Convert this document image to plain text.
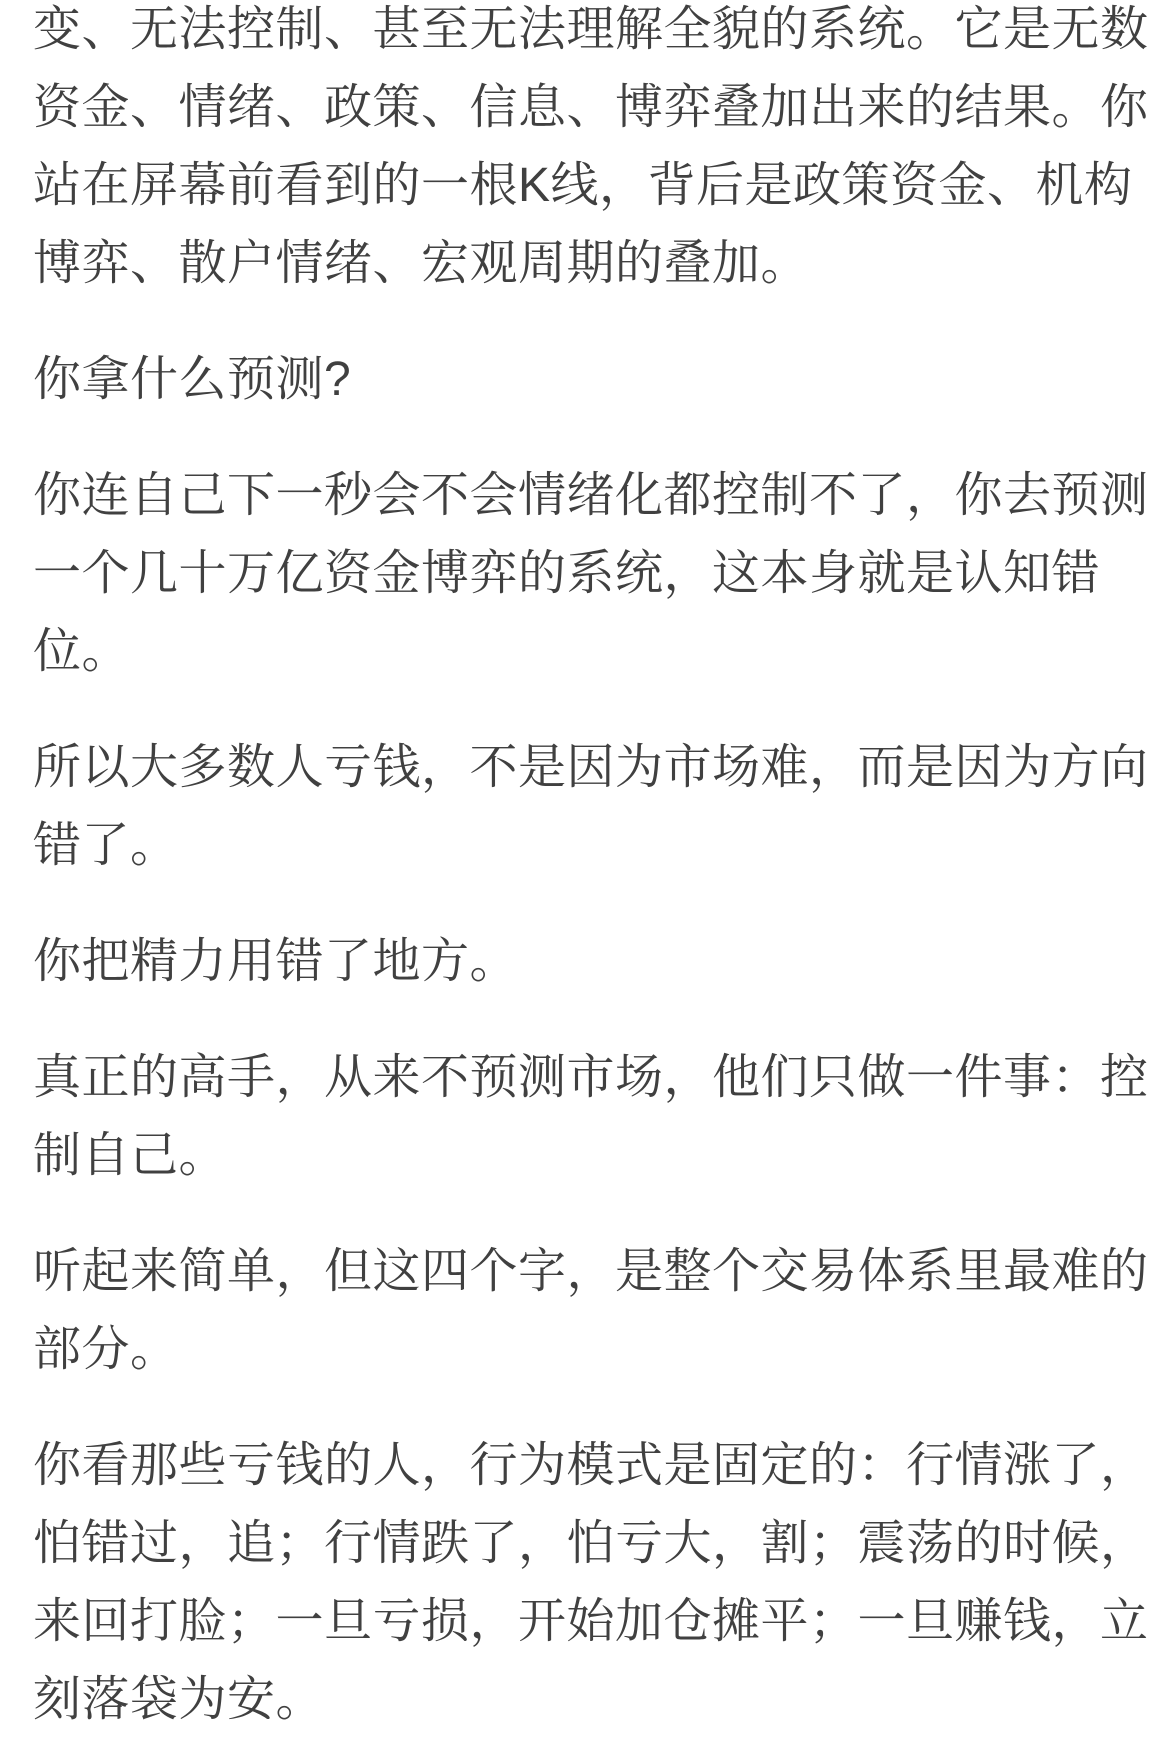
变、无法控制、甚至无法理解全貌的系统。它是无数
资金、情绪、政策、信息、博弈叠加出来的结果。你
站在屏幕前看到的一根K线，背后是政策资金、机构
博弈、散户情绪、宏观周期的叠加。

你拿什么预测?

你连自己下一秒会不会情绪化都控制不了，你去预测
一个几十万亿资金博弈的系统，这本身就是认知错
位。

所以大多数人亏钱，不是因为市场难，而是因为方向
错了。

你把精力用错了地方。

真正的高手，从来不预测市场，他们只做一件事：控
制自己。

听起来简单，但这四个字，是整个交易体系里最难的
部分。

你看那些亏钱的人，行为模式是固定的：行情涨了，
怕错过，追；行情跌了，怕亏大，割；震荡的时候，
来回打脸；一旦亏损，开始加仓摊平；一旦赚钱，立
刻落袋为安。
